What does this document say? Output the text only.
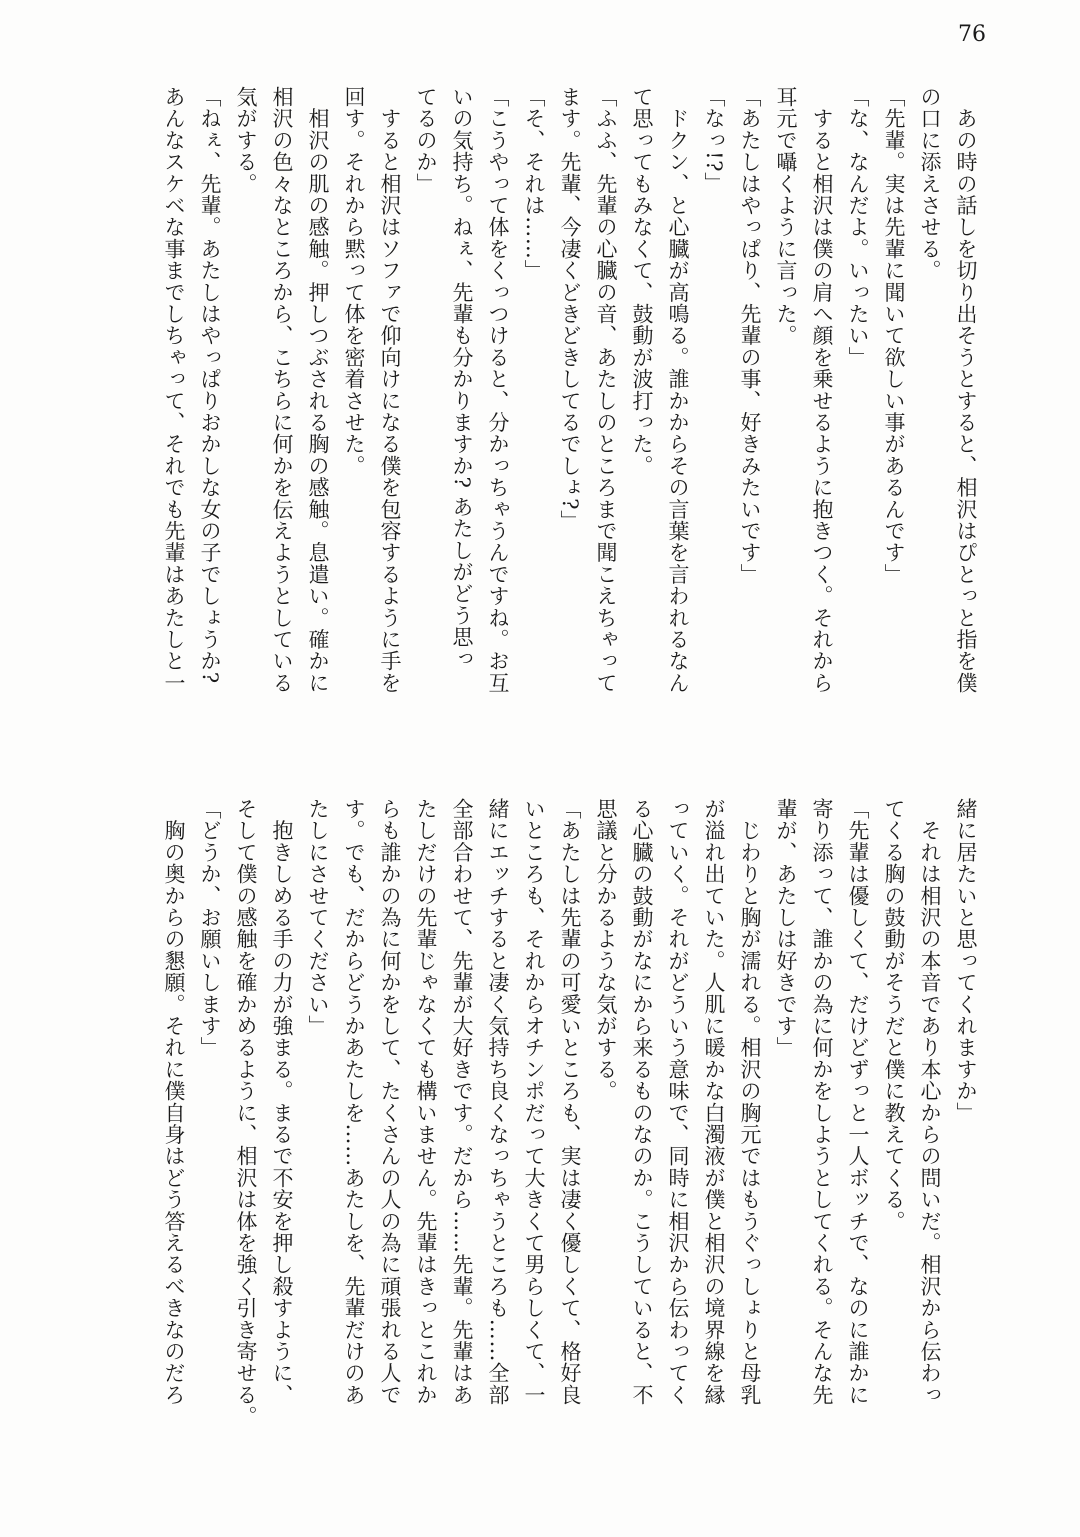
76
　あの時の話しを切り出そうとすると、相沢はぴとっと指を僕
の口に添えさせる。
「先輩。実は先輩に聞いて欲しい事があるんです」
「な、なんだよ。いったい」
　すると相沢は僕の肩へ顔を乗せるように抱きつく。それから
耳元で囁くように言った。
「あたしはやっぱり、先輩の事、好きみたいです」
「なっ!?」
　ドクン、と心臓が高鳴る。誰かからその言葉を言われるなん
て思ってもみなくて、鼓動が波打った。
「ふふ、先輩の心臓の音、あたしのところまで聞こえちゃって
ます。先輩、今凄くどきどきしてるでしょ?」
「そ、それは……」
「こうやって体をくっつけると、分かっちゃうんですね。お互
いの気持ち。ねぇ、先輩も分かりますか? あたしがどう思っ
てるのか」
　すると相沢はソファで仰向けになる僕を包容するように手を
回す。それから黙って体を密着させた。
　相沢の肌の感触。押しつぶされる胸の感触。息遣い。確かに
相沢の色々なところから、こちらに何かを伝えようとしている
気がする。
「ねぇ、先輩。あたしはやっぱりおかしな女の子でしょうか?
あんなスケベな事までしちゃって、それでも先輩はあたしと一
緒に居たいと思ってくれますか」
　それは相沢の本音であり本心からの問いだ。相沢から伝わっ
てくる胸の鼓動がそうだと僕に教えてくる。
「先輩は優しくて、だけどずっと一人ボッチで、なのに誰かに
寄り添って、誰かの為に何かをしようとしてくれる。そんな先
輩が、あたしは好きです」
　じわりと胸が濡れる。相沢の胸元ではもうぐっしょりと母乳
が溢れ出ていた。人肌に暖かな白濁液が僕と相沢の境界線を縁
っていく。それがどういう意味で、同時に相沢から伝わってく
る心臓の鼓動がなにから来るものなのか。こうしていると、不
思議と分かるような気がする。
「あたしは先輩の可愛いところも、実は凄く優しくて、格好良
いところも、それからオチンポだって大きくて男らしくて、一
緒にエッチすると凄く気持ち良くなっちゃうところも……全部
全部合わせて、先輩が大好きです。だから……先輩。先輩はあ
たしだけの先輩じゃなくても構いません。先輩はきっとこれか
らも誰かの為に何かをして、たくさんの人の為に頑張れる人で
す。でも、だからどうかあたしを……あたしを、先輩だけのあ
たしにさせてください」
　抱きしめる手の力が強まる。まるで不安を押し殺すように、
そして僕の感触を確かめるように、相沢は体を強く引き寄せる。
「どうか、お願いします」
　胸の奥からの懇願。それに僕自身はどう答えるべきなのだろ
